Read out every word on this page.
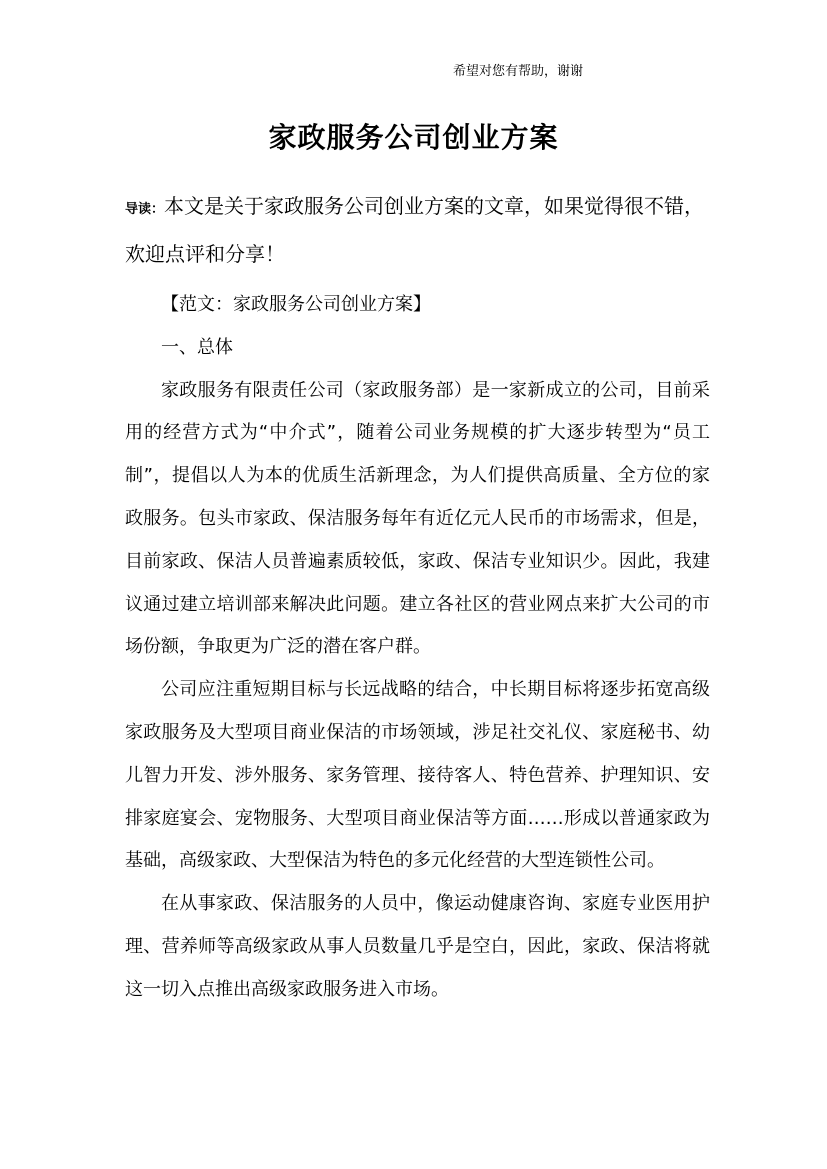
希望对您有帮助，谢谢
家政服务公司创业方案
导读：本文是关于家政服务公司创业方案的文章，如果觉得很不错，欢迎点评和分享！

【范文：家政服务公司创业方案】

一、总体

家政服务有限责任公司（家政服务部）是一家新成立的公司，目前采用的经营方式为“中介式”，随着公司业务规模的扩大逐步转型为“员工制”，提倡以人为本的优质生活新理念，为人们提供高质量、全方位的家政服务。包头市家政、保洁服务每年有近亿元人民币的市场需求，但是，目前家政、保洁人员普遍素质较低，家政、保洁专业知识少。因此，我建议通过建立培训部来解决此问题。建立各社区的营业网点来扩大公司的市场份额，争取更为广泛的潜在客户群。

公司应注重短期目标与长远战略的结合，中长期目标将逐步拓宽高级家政服务及大型项目商业保洁的市场领域，涉足社交礼仪、家庭秘书、幼儿智力开发、涉外服务、家务管理、接待客人、特色营养、护理知识、安排家庭宴会、宠物服务、大型项目商业保洁等方面……形成以普通家政为基础，高级家政、大型保洁为特色的多元化经营的大型连锁性公司。

在从事家政、保洁服务的人员中，像运动健康咨询、家庭专业医用护理、营养师等高级家政从事人员数量几乎是空白，因此，家政、保洁将就这一切入点推出高级家政服务进入市场。
